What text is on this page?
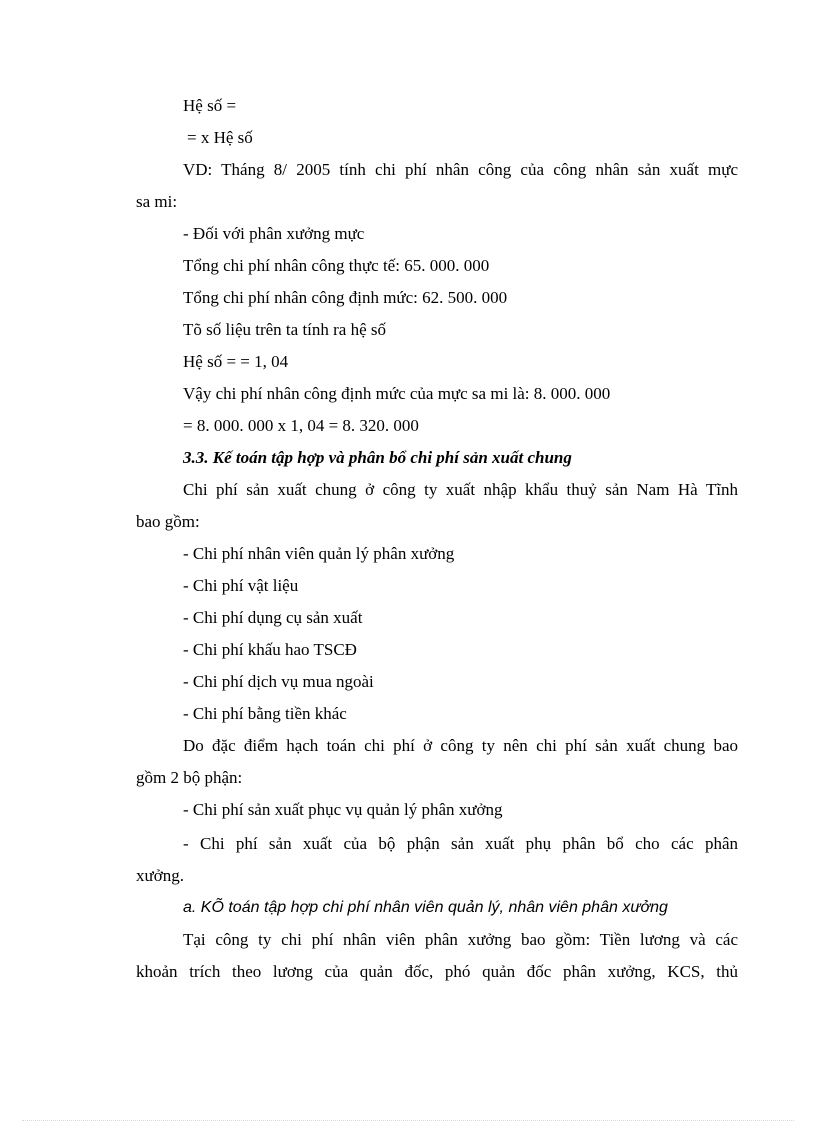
Hệ số =
= x Hệ số
VD: Tháng 8/ 2005 tính chi phí nhân công của công nhân sản xuất mực
sa mi:
- Đối với phân xưởng mực
Tổng chi phí nhân công thực tế: 65. 000. 000
Tổng chi phí nhân công định mức: 62. 500. 000
Tõ số liệu trên ta tính ra hệ số
Hệ số = = 1, 04
Vậy chi phí nhân công định mức của mực sa mi là: 8. 000. 000
= 8. 000. 000 x 1, 04 = 8. 320. 000
3.3. Kế toán tập hợp và phân bổ chi phí sản xuất chung
Chi phí sản xuất chung ở công ty xuất nhập khẩu thuỷ sản Nam Hà Tĩnh
bao gồm:
- Chi phí nhân viên quản lý phân xưởng
- Chi phí vật liệu
- Chi phí dụng cụ sản xuất
- Chi phí khấu hao TSCĐ
- Chi phí dịch vụ mua ngoài
- Chi phí bằng tiền khác
Do đặc điểm hạch toán chi phí ở công ty nên chi phí sản xuất chung bao
gồm 2 bộ phận:
- Chi phí sản xuất phục vụ quản lý phân xưởng
- Chi phí sản xuất của bộ phận sản xuất phụ phân bổ cho các phân
xưởng.
a. KÕ toán tập hợp chi phí nhân viên quản lý, nhân viên phân xưởng
Tại công ty chi phí nhân viên phân xưởng bao gồm: Tiền lương và các
khoản trích theo lương của quản đốc, phó quản đốc phân xưởng, KCS, thủ
